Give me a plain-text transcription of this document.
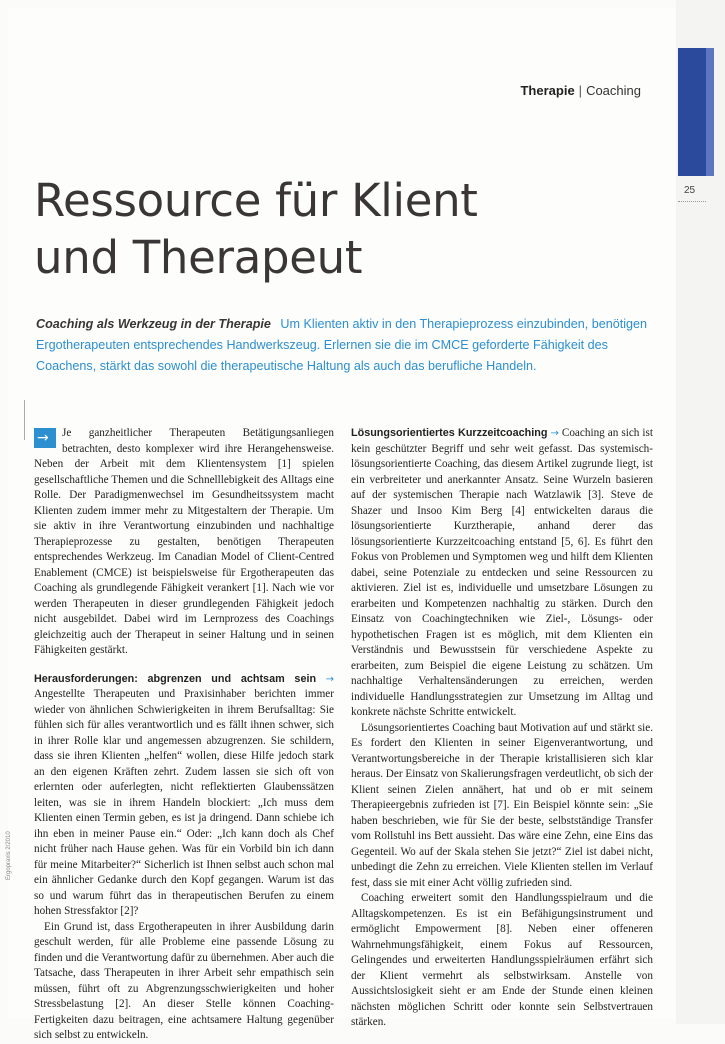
25
Therapie | Coaching
Ressource für Klient
und Therapeut
Coaching als Werkzeug in der Therapie Um Klienten aktiv in den Therapieprozess einzubinden, benötigen Ergotherapeuten entsprechendes Handwerkszeug. Erlernen sie die im CMCE geforderte Fähigkeit des Coachens, stärkt das sowohl die therapeutische Haltung als auch das berufliche Handeln.

→ Je ganzheitlicher Therapeuten Betätigungsanliegen betrachten, desto komplexer wird ihre Herangehensweise. Neben der Arbeit mit dem Klientensystem [1] spielen gesellschaftliche Themen und die Schnelllebigkeit des Alltags eine Rolle. Der Paradigmenwechsel im Gesundheitssystem macht Klienten zudem immer mehr zu Mitgestaltern der Therapie. Um sie aktiv in ihre Verantwortung einzubinden und nachhaltige Therapieprozesse zu gestalten, benötigen Therapeuten entsprechendes Werkzeug. Im Canadian Model of Client-Centred Enablement (CMCE) ist beispielsweise für Ergotherapeuten das Coaching als grundlegende Fähigkeit verankert [1]. Nach wie vor werden Therapeuten in dieser grundlegenden Fähigkeit jedoch nicht ausgebildet. Dabei wird im Lernprozess des Coachings gleichzeitig auch der Therapeut in seiner Haltung und in seinen Fähigkeiten gestärkt.

Herausforderungen: abgrenzen und achtsam sein → Angestellte Therapeuten und Praxisinhaber berichten immer wieder von ähnlichen Schwierigkeiten in ihrem Berufsalltag: Sie fühlen sich für alles verantwortlich und es fällt ihnen schwer, sich in ihrer Rolle klar und angemessen abzugrenzen. Sie schildern, dass sie ihren Klienten „helfen“ wollen, diese Hilfe jedoch stark an den eigenen Kräften zehrt. Zudem lassen sie sich oft von erlernten oder auferlegten, nicht reflektierten Glaubenssätzen leiten, was sie in ihrem Handeln blockiert: „Ich muss dem Klienten einen Termin geben, es ist ja dringend. Dann schiebe ich ihn eben in meiner Pause ein.“ Oder: „Ich kann doch als Chef nicht früher nach Hause gehen. Was für ein Vorbild bin ich dann für meine Mitarbeiter?“ Sicherlich ist Ihnen selbst auch schon mal ein ähnlicher Gedanke durch den Kopf gegangen. Warum ist das so und warum führt das in therapeutischen Berufen zu einem hohen Stressfaktor [2]?

Ein Grund ist, dass Ergotherapeuten in ihrer Ausbildung darin geschult werden, für alle Probleme eine passende Lösung zu finden und die Verantwortung dafür zu übernehmen. Aber auch die Tatsache, dass Therapeuten in ihrer Arbeit sehr empathisch sein müssen, führt oft zu Abgrenzungsschwierigkeiten und hoher Stressbelastung [2]. An dieser Stelle können Coaching-Fertigkeiten dazu beitragen, eine achtsamere Haltung gegenüber sich selbst zu entwickeln.

Lösungsorientiertes Kurzzeitcoaching → Coaching an sich ist kein geschützter Begriff und sehr weit gefasst. Das systemisch-lösungsorientierte Coaching, das diesem Artikel zugrunde liegt, ist ein verbreiteter und anerkannter Ansatz. Seine Wurzeln basieren auf der systemischen Therapie nach Watzlawik [3]. Steve de Shazer und Insoo Kim Berg [4] entwickelten daraus die lösungsorientierte Kurztherapie, anhand derer das lösungsorientierte Kurzzeitcoaching entstand [5, 6]. Es führt den Fokus von Problemen und Symptomen weg und hilft dem Klienten dabei, seine Potenziale zu entdecken und seine Ressourcen zu aktivieren. Ziel ist es, individuelle und umsetzbare Lösungen zu erarbeiten und Kompetenzen nachhaltig zu stärken. Durch den Einsatz von Coachingtechniken wie Ziel-, Lösungs- oder hypothetischen Fragen ist es möglich, mit dem Klienten ein Verständnis und Bewusstsein für verschiedene Aspekte zu erarbeiten, zum Beispiel die eigene Leistung zu schätzen. Um nachhaltige Verhaltensänderungen zu erreichen, werden individuelle Handlungsstrategien zur Umsetzung im Alltag und konkrete nächste Schritte entwickelt.

Lösungsorientiertes Coaching baut Motivation auf und stärkt sie. Es fordert den Klienten in seiner Eigenverantwortung, und Verantwortungsbereiche in der Therapie kristallisieren sich klar heraus. Der Einsatz von Skalierungsfragen verdeutlicht, ob sich der Klient seinen Zielen annähert, hat und ob er mit seinem Therapieergebnis zufrieden ist [7]. Ein Beispiel könnte sein: „Sie haben beschrieben, wie für Sie der beste, selbstständige Transfer vom Rollstuhl ins Bett aussieht. Das wäre eine Zehn, eine Eins das Gegenteil. Wo auf der Skala stehen Sie jetzt?“ Ziel ist dabei nicht, unbedingt die Zehn zu erreichen. Viele Klienten stellen im Verlauf fest, dass sie mit einer Acht völlig zufrieden sind.

Coaching erweitert somit den Handlungsspielraum und die Alltagskompetenzen. Es ist ein Befähigungsinstrument und ermöglicht Empowerment [8]. Neben einer offeneren Wahrnehmungsfähigkeit, einem Fokus auf Ressourcen, Gelingendes und erweiterten Handlungsspielräumen erfährt sich der Klient vermehrt als selbstwirksam. Anstelle von Aussichtslosigkeit sieht er am Ende der Stunde einen kleinen nächsten möglichen Schritt oder konnte sein Selbstvertrauen stärken.

Ergopraxis 2/2010
